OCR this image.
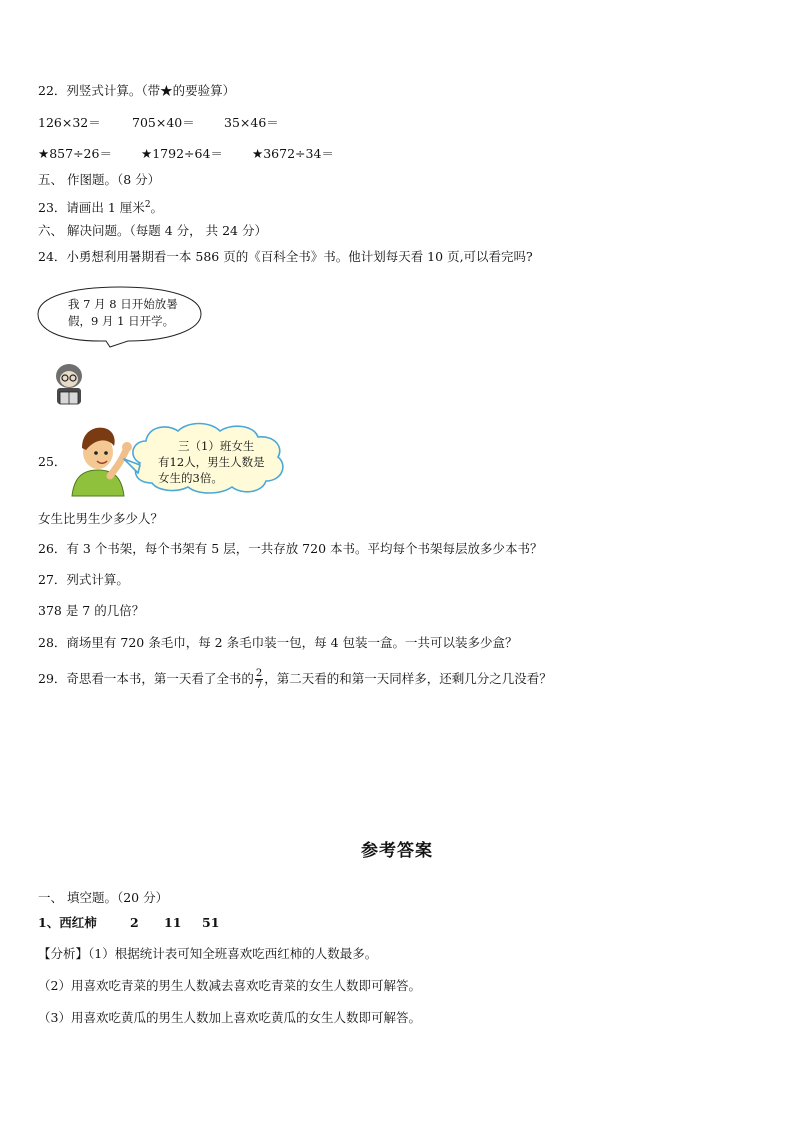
22．列竖式计算。（带★的要验算）
126×32＝	705×40＝ 35×46＝
★857÷26＝ ★1792÷64＝ ★3672÷34＝
五、 作图题。（8 分）
23．请画出 1 厘米$^2$。
六、 解决问题。（每题 4 分， 共 24 分）
24．小勇想利用暑期看一本 586 页的《百科全书》书。他计划每天看 10 页,可以看完吗?
我 7 月 8 日开始放暑
假，9 月 1 日开学。
25．
三（1）班女生
有12人，男生人数是
女生的3倍。
女生比男生少多少人？
26．有 3 个书架，每个书架有 5 层，一共存放 720 本书。平均每个书架每层放多少本书？
27．列式计算。
378 是 7 的几倍？
28．商场里有 720 条毛巾，每 2 条毛巾装一包，每 4 包装一盒。一共可以装多少盒？
29．奇思看一本书，第一天看了全书的 $\frac{2}{7}$ ，第二天看的和第一天同样多，还剩几分之几没看？
参考答案
一、 填空题。（20 分）
1、西红柿	2 11 51
【分析】（1）根据统计表可知全班喜欢吃西红柿的人数最多。
（2）用喜欢吃青菜的男生人数减去喜欢吃青菜的女生人数即可解答。
（3）用喜欢吃黄瓜的男生人数加上喜欢吃黄瓜的女生人数即可解答。
